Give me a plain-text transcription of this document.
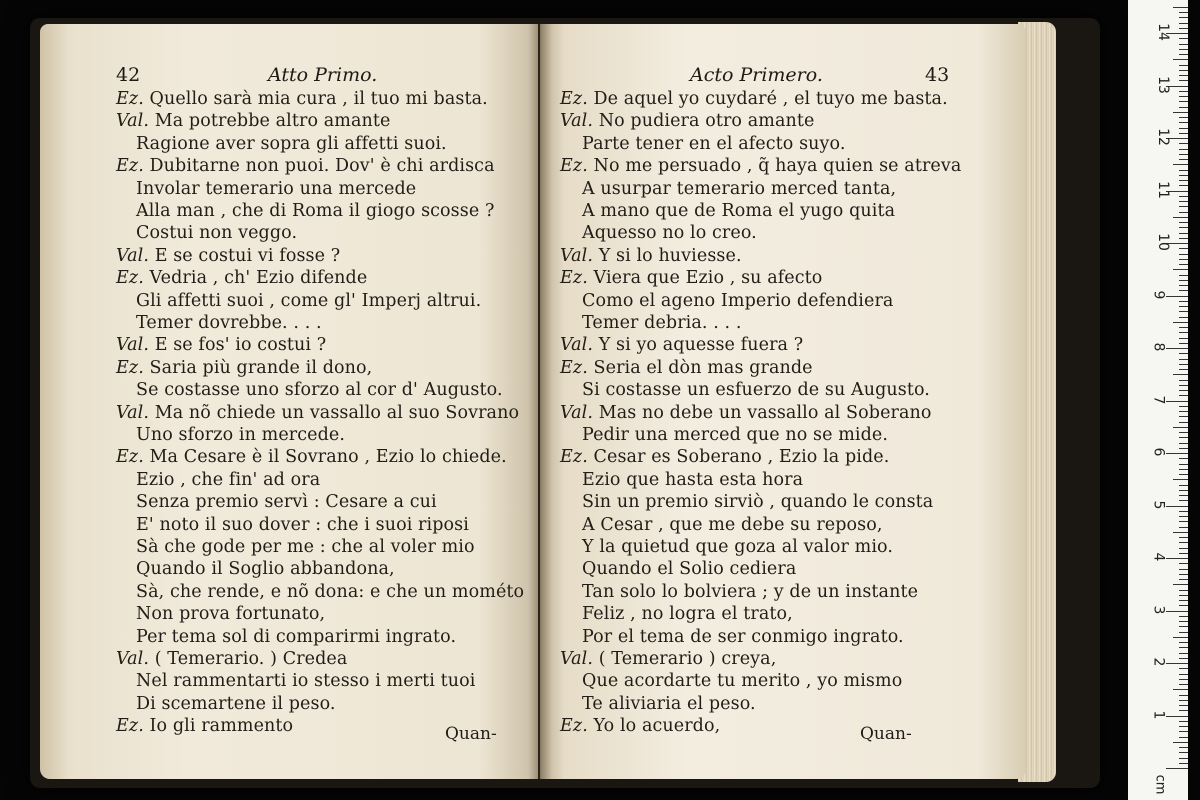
42	Atto Primo.
Ez. Quello sarà mia cura , il tuo mi basta.
Val. Ma potrebbe altro amante
Ragione aver sopra gli affetti suoi.
Ez. Dubitarne non puoi. Dov' è chi ardisca
Involar temerario una mercede
Alla man , che di Roma il giogo scosse ?
Costui non veggo.
Val. E se costui vi fosse ?
Ez. Vedria , ch' Ezio difende
Gli affetti suoi , come gl' Imperj altrui.
Temer dovrebbe. . . .
Val. E se fos' io costui ?
Ez. Saria più grande il dono,
Se costasse uno sforzo al cor d' Augusto.
Val. Ma nõ chiede un vassallo al suo Sovrano
Uno sforzo in mercede.
Ez. Ma Cesare è il Sovrano , Ezio lo chiede.
Ezio , che fin' ad ora
Senza premio servì : Cesare a cui
E' noto il suo dover : che i suoi riposi
Sà che gode per me : che al voler mio
Quando il Soglio abbandona,
Sà, che rende, e nõ dona: e che un mométo
Non prova fortunato,
Per tema sol di comparirmi ingrato.
Val. ( Temerario. ) Credea
Nel rammentarti io stesso i merti tuoi
Di scemartene il peso.
Ez. Io gli rammento	Quan-
Acto Primero.	43
Ez. De aquel yo cuydaré , el tuyo me basta.
Val. No pudiera otro amante
Parte tener en el afecto suyo.
Ez. No me persuado , q̃ haya quien se atreva
A usurpar temerario merced tanta,
A mano que de Roma el yugo quita
Aquesso no lo creo.
Val. Y si lo huviesse.
Ez. Viera que Ezio , su afecto
Como el ageno Imperio defendiera
Temer debria. . . .
Val. Y si yo aquesse fuera ?
Ez. Seria el dòn mas grande
Si costasse un esfuerzo de su Augusto.
Val. Mas no debe un vassallo al Soberano
Pedir una merced que no se mide.
Ez. Cesar es Soberano , Ezio la pide.
Ezio que hasta esta hora
Sin un premio sirviò , quando le consta
A Cesar , que me debe su reposo,
Y la quietud que goza al valor mio.
Quando el Solio cediera
Tan solo lo bolviera ; y de un instante
Feliz , no logra el trato,
Por el tema de ser conmigo ingrato.
Val. ( Temerario ) creya,
Que acordarte tu merito , yo mismo
Te aliviaria el peso.
Ez. Yo lo acuerdo,	Quan-
cm
1
2
3
4
5
6
7
8
9
10
11
12
13
14
